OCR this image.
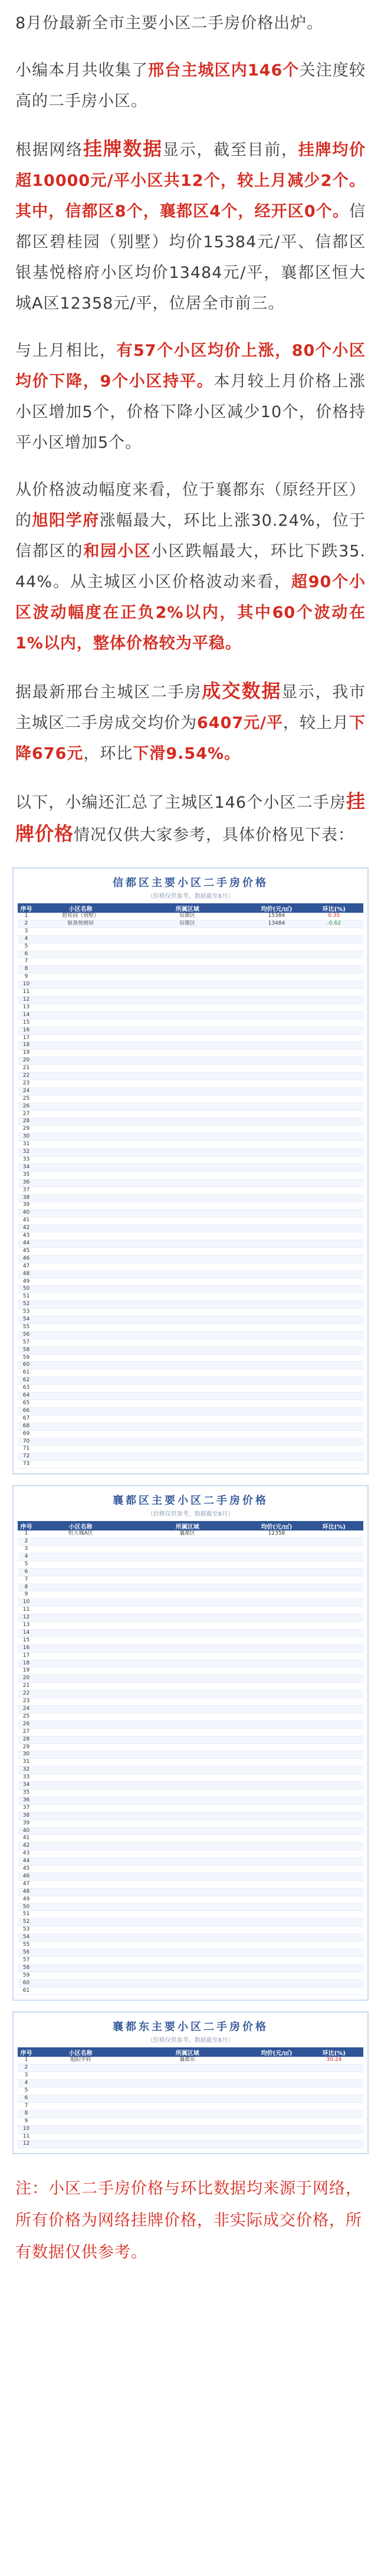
8月份最新全市主要小区二手房价格出炉。

小编本月共收集了邢台主城区内146个关注度较高的二手房小区。

根据网络挂牌数据显示，截至目前，挂牌均价超10000元/平小区共12个，较上月减少2个。其中，信都区8个，襄都区4个，经开区0个。信都区碧桂园（别墅）均价15384元/平、信都区银基悦榕府小区均价13484元/平，襄都区恒大城A区12358元/平，位居全市前三。

与上月相比，有57个小区均价上涨，80个小区均价下降，9个小区持平。本月较上月价格上涨小区增加5个，价格下降小区减少10个，价格持平小区增加5个。

从价格波动幅度来看，位于襄都东（原经开区）的旭阳学府涨幅最大，环比上涨30.24%，位于信都区的和园小区小区跌幅最大，环比下跌35.44%。从主城区小区价格波动来看，超90个小区波动幅度在正负2%以内，其中60个波动在1%以内，整体价格较为平稳。

据最新邢台主城区二手房成交数据显示，我市主城区二手房成交均价为6407元/平，较上月下降676元，环比下滑9.54%。

以下，小编还汇总了主城区146个小区二手房挂牌价格情况仅供大家参考，具体价格见下表：

信都区主要小区二手房价格
（价格仅供参考，数据截至8月）
序号	小区名称	所属区域	均价(元/㎡)	环比(%)
1	碧桂园（别墅）	信都区	15384	0.35
2	银基悦榕府	信都区	13484	-0.62
3				
4				
5				
6				
7				
8				
9				
10				
11				
12				
13				
14				
15				
16				
17				
18				
19				
20				
21				
22				
23				
24				
25				
26				
27				
28				
29				
30				
31				
32				
33				
34				
35				
36				
37				
38				
39				
40				
41				
42				
43				
44				
45				
46				
47				
48				
49				
50				
51				
52				
53				
54				
55				
56				
57				
58				
59				
60				
61				
62				
63				
64				
65				
66				
67				
68				
69				
70				
71				
72				
73				
襄都区主要小区二手房价格
（价格仅供参考，数据截至8月）
序号	小区名称	所属区域	均价(元/㎡)	环比(%)
1	恒大城A区	襄都区	12358	
2				
3				
4				
5				
6				
7				
8				
9				
10				
11				
12				
13				
14				
15				
16				
17				
18				
19				
20				
21				
22				
23				
24				
25				
26				
27				
28				
29				
30				
31				
32				
33				
34				
35				
36				
37				
38				
39				
40				
41				
42				
43				
44				
45				
46				
47				
48				
49				
50				
51				
52				
53				
54				
55				
56				
57				
58				
59				
60				
61				
襄都东主要小区二手房价格
（价格仅供参考，数据截至8月）
序号	小区名称	所属区域	均价(元/㎡)	环比(%)
1	旭阳学府	襄都东		30.24
2				
3				
4				
5				
6				
7				
8				
9				
10				
11				
12				

注：小区二手房价格与环比数据均来源于网络，所有价格为网络挂牌价格，非实际成交价格，所有数据仅供参考。
